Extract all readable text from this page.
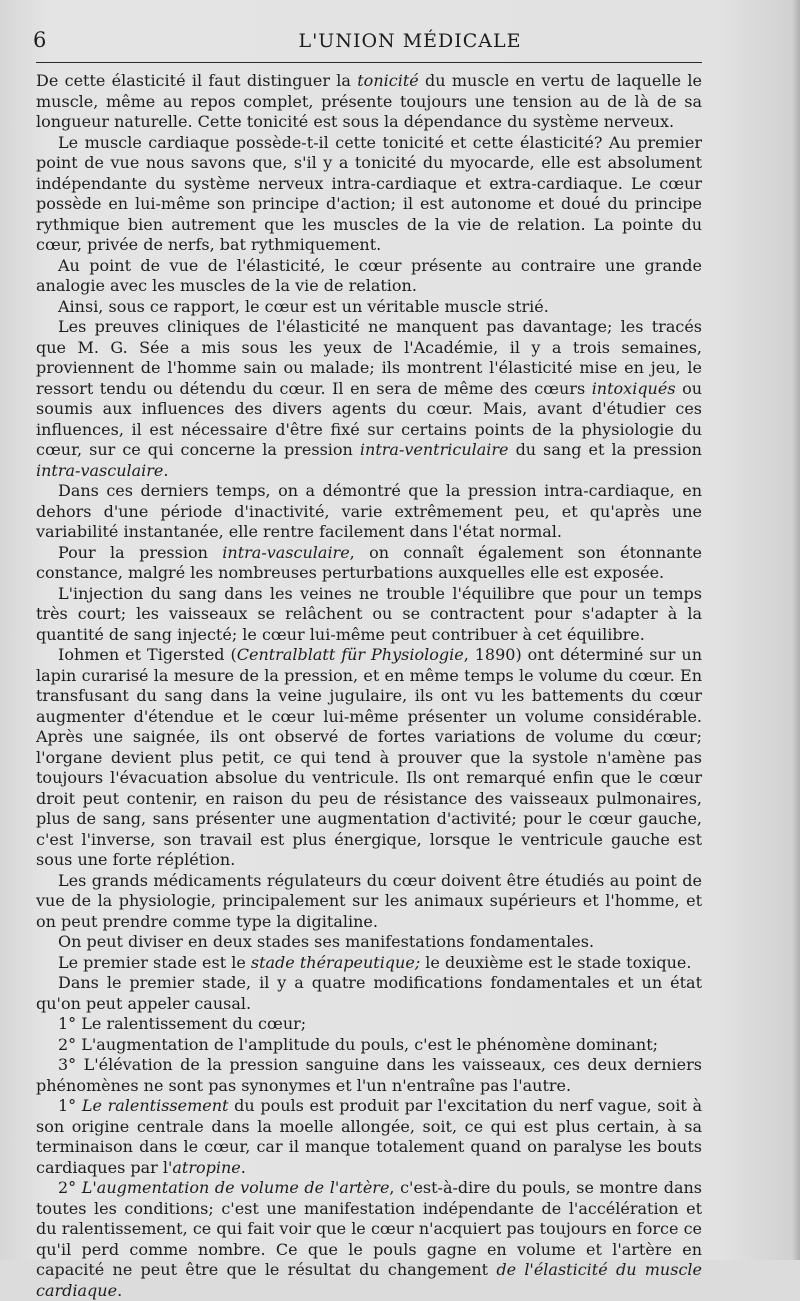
6	L'UNION MÉDICALE

De cette élasticité il faut distinguer la tonicité du muscle en vertu de laquelle le muscle, même au repos complet, présente toujours une tension au de là de sa longueur naturelle. Cette tonicité est sous la dépendance du système nerveux.

Le muscle cardiaque possède-t-il cette tonicité et cette élasticité? Au premier point de vue nous savons que, s'il y a tonicité du myocarde, elle est absolument indépendante du système nerveux intra-cardiaque et extra-cardiaque. Le cœur possède en lui-même son principe d'action; il est autonome et doué du principe rythmique bien autrement que les muscles de la vie de relation. La pointe du cœur, privée de nerfs, bat rythmiquement.

Au point de vue de l'élasticité, le cœur présente au contraire une grande analogie avec les muscles de la vie de relation.

Ainsi, sous ce rapport, le cœur est un véritable muscle strié.

Les preuves cliniques de l'élasticité ne manquent pas davantage; les tracés que M. G. Sée a mis sous les yeux de l'Académie, il y a trois semaines, proviennent de l'homme sain ou malade; ils montrent l'élasticité mise en jeu, le ressort tendu ou détendu du cœur. Il en sera de même des cœurs intoxiqués ou soumis aux influences des divers agents du cœur. Mais, avant d'étudier ces influences, il est nécessaire d'être fixé sur certains points de la physiologie du cœur, sur ce qui concerne la pression intra-ventriculaire du sang et la pression intra-vasculaire.

Dans ces derniers temps, on a démontré que la pression intra-cardiaque, en dehors d'une période d'inactivité, varie extrêmement peu, et qu'après une variabilité instantanée, elle rentre facilement dans l'état normal.

Pour la pression intra-vasculaire, on connaît également son étonnante constance, malgré les nombreuses perturbations auxquelles elle est exposée.

L'injection du sang dans les veines ne trouble l'équilibre que pour un temps très court; les vaisseaux se relâchent ou se contractent pour s'adapter à la quantité de sang injecté; le cœur lui-même peut contribuer à cet équilibre.

Iohmen et Tigersted (Centralblatt für Physiologie, 1890) ont déterminé sur un lapin curarisé la mesure de la pression, et en même temps le volume du cœur. En transfusant du sang dans la veine jugulaire, ils ont vu les battements du cœur augmenter d'étendue et le cœur lui-même présenter un volume considérable. Après une saignée, ils ont observé de fortes variations de volume du cœur; l'organe devient plus petit, ce qui tend à prouver que la systole n'amène pas toujours l'évacuation absolue du ventricule. Ils ont remarqué enfin que le cœur droit peut contenir, en raison du peu de résistance des vaisseaux pulmonaires, plus de sang, sans présenter une augmentation d'activité; pour le cœur gauche, c'est l'inverse, son travail est plus énergique, lorsque le ventricule gauche est sous une forte réplétion.

Les grands médicaments régulateurs du cœur doivent être étudiés au point de vue de la physiologie, principalement sur les animaux supérieurs et l'homme, et on peut prendre comme type la digitaline.

On peut diviser en deux stades ses manifestations fondamentales.

Le premier stade est le stade thérapeutique; le deuxième est le stade toxique.

Dans le premier stade, il y a quatre modifications fondamentales et un état qu'on peut appeler causal.

1° Le ralentissement du cœur;

2° L'augmentation de l'amplitude du pouls, c'est le phénomène dominant;

3° L'élévation de la pression sanguine dans les vaisseaux, ces deux derniers phénomènes ne sont pas synonymes et l'un n'entraîne pas l'autre.

1° Le ralentissement du pouls est produit par l'excitation du nerf vague, soit à son origine centrale dans la moelle allongée, soit, ce qui est plus certain, à sa terminaison dans le cœur, car il manque totalement quand on paralyse les bouts cardiaques par l'atropine.

2° L'augmentation de volume de l'artère, c'est-à-dire du pouls, se montre dans toutes les conditions; c'est une manifestation indépendante de l'accélération et du ralentissement, ce qui fait voir que le cœur n'acquiert pas toujours en force ce qu'il perd comme nombre. Ce que le pouls gagne en volume et l'artère en capacité ne peut être que le résultat du changement de l'élasticité du muscle cardiaque.
